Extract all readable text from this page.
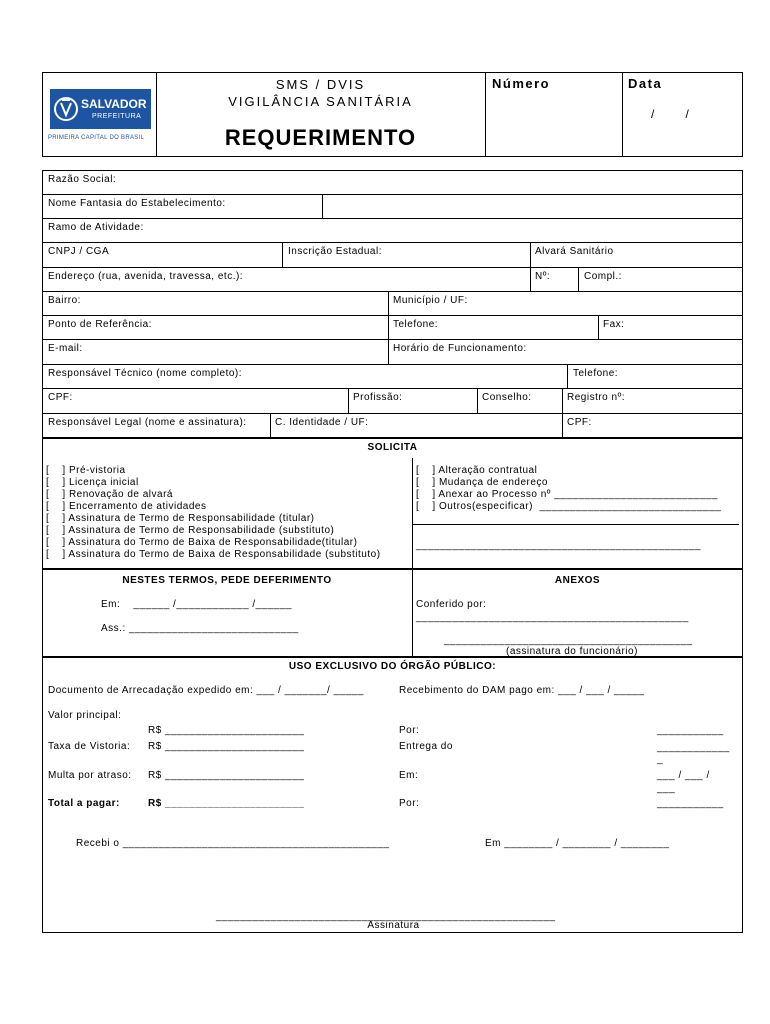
SALVADOR
PREFEITURA
PRIMEIRA CAPITAL DO BRASIL
SMS / DVIS
VIGILÂNCIA SANITÁRIA
REQUERIMENTO
Número	Data
/        /
Razão Social:
Nome Fantasia do Estabelecimento:
Ramo de Atividade:
CNPJ / CGA	Inscrição Estadual:	Alvará Sanitário
Endereço (rua, avenida, travessa, etc.):	Nº:	Compl.:
Bairro:	Município / UF:
Ponto de Referência:	Telefone:	Fax:
E-mail:	Horário de Funcionamento:
Responsável Técnico (nome completo):	Telefone:
CPF:	Profissão:	Conselho:	Registro nº:
Responsável Legal (nome e assinatura):	C. Identidade / UF:	CPF:
SOLICITA
[    ] Pré-vistoria
[    ] Licença inicial
[    ] Renovação de alvará
[    ] Encerramento de atividades
[    ] Assinatura de Termo de Responsabilidade (titular)
[    ] Assinatura de Termo de Responsabilidade (substituto)
[    ] Assinatura do Termo de Baixa de Responsabilidade(titular)
[    ] Assinatura do Termo de Baixa de Responsabilidade (substituto)
[    ] Alteração contratual
[    ] Mudança de endereço
[    ] Anexar ao Processo nº ___________________________
[    ] Outros(especificar)  ______________________________
_______________________________________________
NESTES TERMOS, PEDE DEFERIMENTO
Em:    ______ /____________ /______
Ass.: ____________________________
ANEXOS
Conferido por:
_____________________________________________
_________________________________________
(assinatura do funcionário)
USO EXCLUSIVO DO ÓRGÃO PÚBLICO:
Documento de Arrecadação expedido em: ___ / _______/ _____	Recebimento do DAM pago em: ___ / ___ / _____
Valor principal:
R$ _______________________	Por:	___________
Taxa de Vistoria: R$ _______________________	Entrega do	____________
_
Multa por atraso: R$ _______________________	Em:	___ / ___ /
___
Total a pagar:	R$ _______________________	Por:	___________
Recebi o ____________________________________________	Em ________ / ________ / ________
________________________________________________________
Assinatura
